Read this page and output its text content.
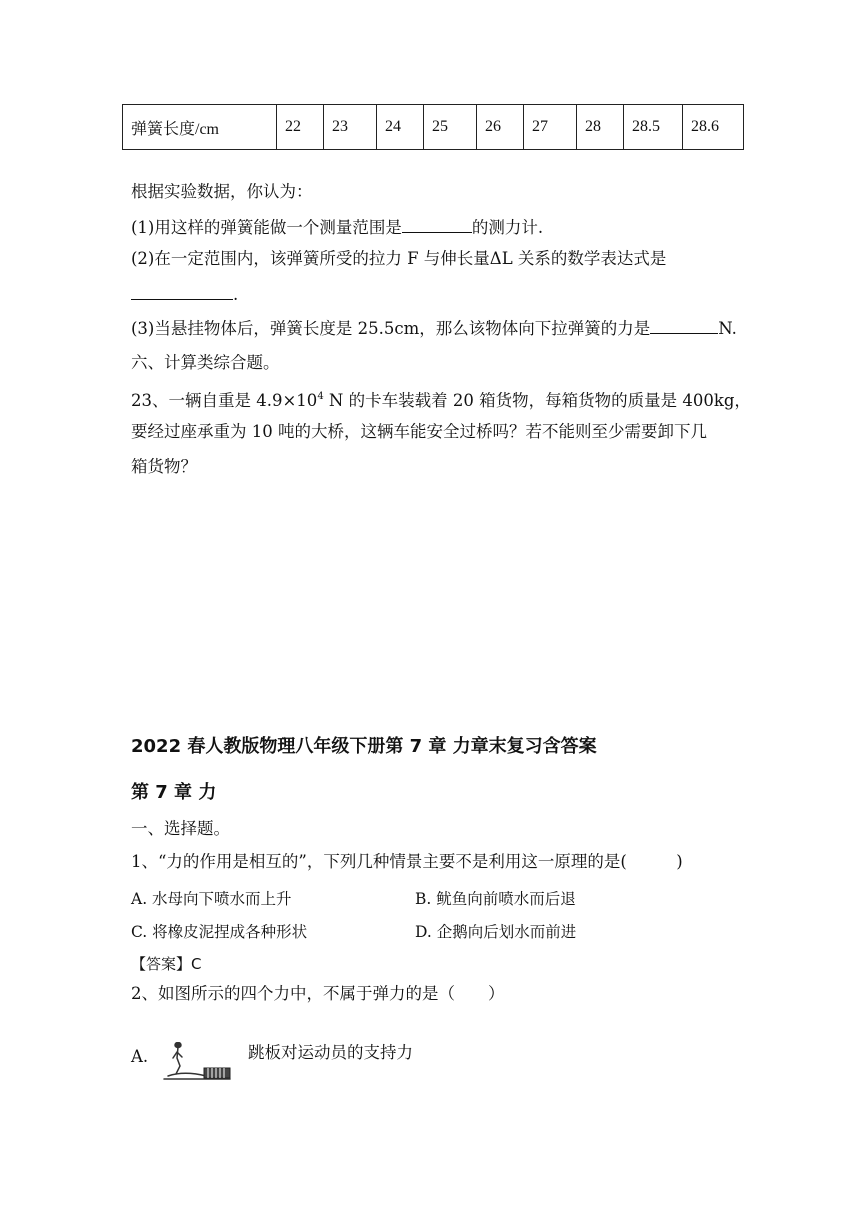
弹簧长度/cm	22	23	24	25	26	27	28	28.5	28.6
根据实验数据，你认为：
(1)用这样的弹簧能做一个测量范围是	的测力计.
(2)在一定范围内，该弹簧所受的拉力 F 与伸长量ΔL 关系的数学表达式是
.
(3)当悬挂物体后，弹簧长度是 25.5cm，那么该物体向下拉弹簧的力是	N.
六、计算类综合题。
23、一辆自重是 $4.9\times 10^4$ N 的卡车装载着 20 箱货物，每箱货物的质量是 400kg，
要经过座承重为 10 吨的大桥，这辆车能安全过桥吗？若不能则至少需要卸下几
箱货物？
2022 春人教版物理八年级下册第 7 章 力章末复习含答案
第 7 章 力
一、选择题。
1、“力的作用是相互的”，下列几种情景主要不是利用这一原理的是(　　　)
A. 水母向下喷水而上升	B. 鱿鱼向前喷水而后退
C. 将橡皮泥捏成各种形状	D. 企鹅向后划水而前进
【答案】C
2、如图所示的四个力中，不属于弹力的是（　　）
A.	跳板对运动员的支持力
